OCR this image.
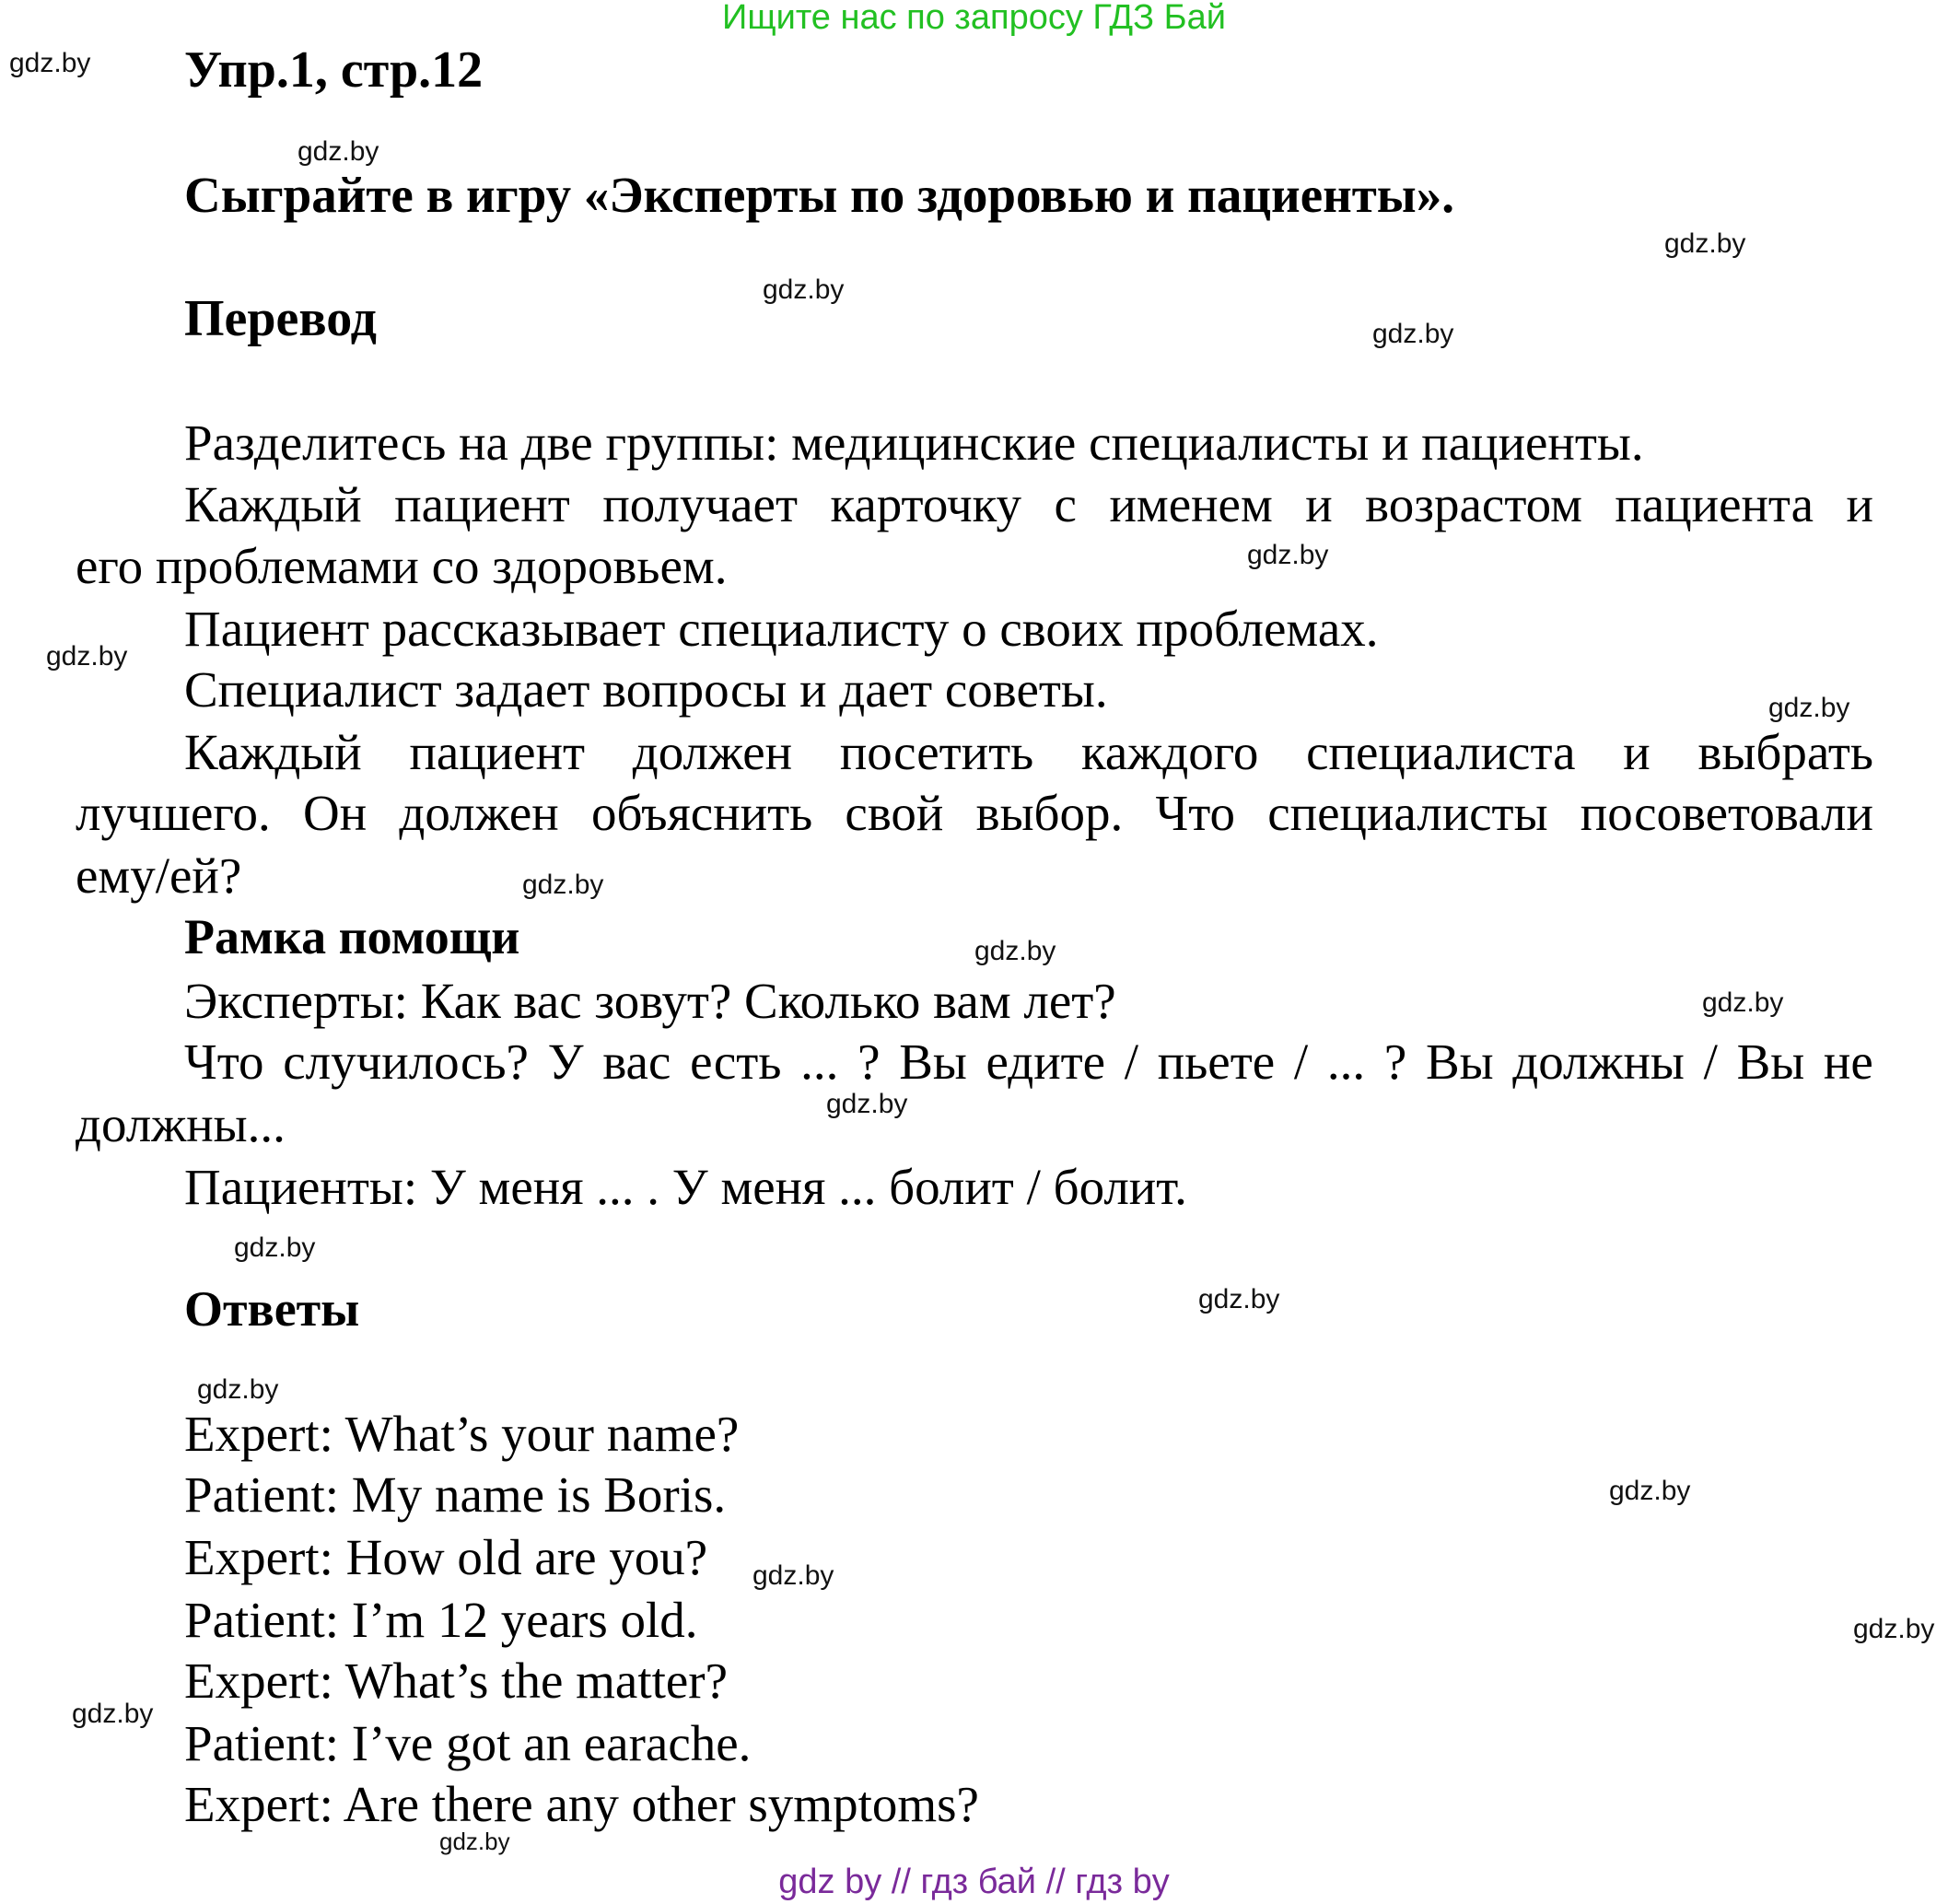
Ищите нас по запросу ГДЗ Бай
gdz.by
gdz.by
gdz.by
gdz.by
gdz.by
gdz.by
gdz.by
gdz.by
gdz.by
gdz.by
gdz.by
gdz.by
gdz.by
gdz.by
gdz.by
gdz.by
gdz.by
gdz.by
gdz.by
gdz.by
Упр.1, стр.12
Сыграйте в игру «Эксперты по здоровью и пациенты».
Перевод
Разделитесь на две группы: медицинские специалисты и пациенты.
Каждый пациент получает карточку с именем и возрастом пациента и
его проблемами со здоровьем.
Пациент рассказывает специалисту о своих проблемах.
Специалист задает вопросы и дает советы.
Каждый пациент должен посетить каждого специалиста и выбрать
лучшего. Он должен объяснить свой выбор. Что специалисты посоветовали
ему/ей?
Рамка помощи
Эксперты: Как вас зовут? Сколько вам лет?
Что случилось? У вас есть ... ? Вы едите / пьете / ... ? Вы должны / Вы не
должны...
Пациенты: У меня ... . У меня ... болит / болит.
Ответы
Expert: What’s your name?
Patient: My name is Boris.
Expert: How old are you?
Patient: I’m 12 years old.
Expert: What’s the matter?
Patient: I’ve got an earache.
Expert: Are there any other symptoms?
gdz by // гдз бай // гдз by
